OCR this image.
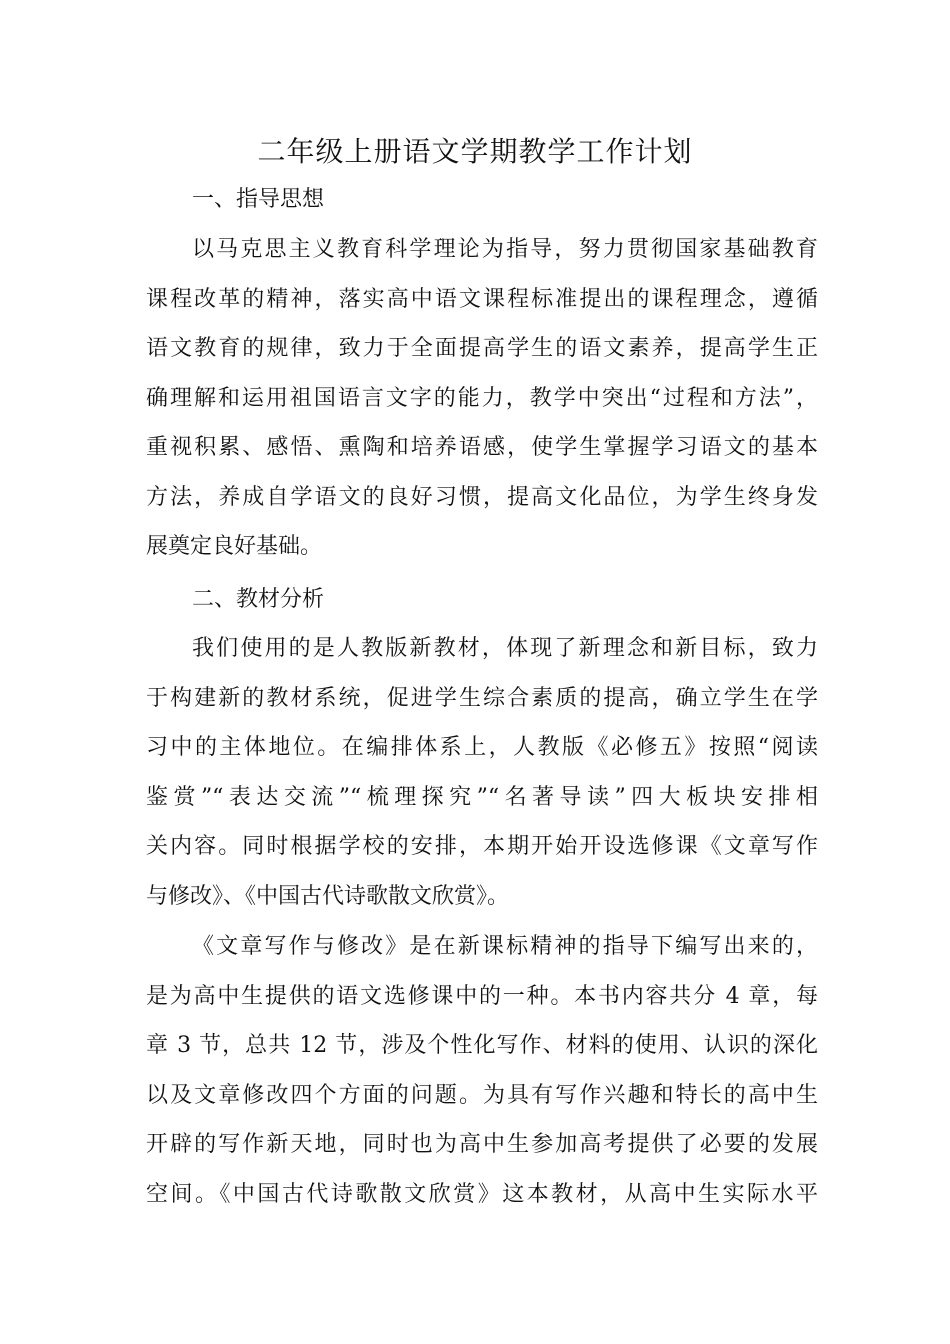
二年级上册语文学期教学工作计划
一、指导思想
以马克思主义教育科学理论为指导，努力贯彻国家基础教育
课程改革的精神，落实高中语文课程标准提出的课程理念，遵循
语文教育的规律，致力于全面提高学生的语文素养，提高学生正
确理解和运用祖国语言文字的能力，教学中突出“过程和方法”，
重视积累、感悟、熏陶和培养语感，使学生掌握学习语文的基本
方法，养成自学语文的良好习惯，提高文化品位，为学生终身发
展奠定良好基础。
二、教材分析
我们使用的是人教版新教材，体现了新理念和新目标，致力
于构建新的教材系统，促进学生综合素质的提高，确立学生在学
习中的主体地位。在编排体系上，人教版《必修五》按照“阅读
鉴赏”“表达交流”“梳理探究”“名著导读”四大板块安排相
关内容。同时根据学校的安排，本期开始开设选修课《文章写作
与修改》、《中国古代诗歌散文欣赏》。
《文章写作与修改》是在新课标精神的指导下编写出来的，
是为高中生提供的语文选修课中的一种。本书内容共分 4 章，每
章 3 节，总共 12 节，涉及个性化写作、材料的使用、认识的深化
以及文章修改四个方面的问题。为具有写作兴趣和特长的高中生
开辟的写作新天地，同时也为高中生参加高考提供了必要的发展
空间。《中国古代诗歌散文欣赏》这本教材，从高中生实际水平
